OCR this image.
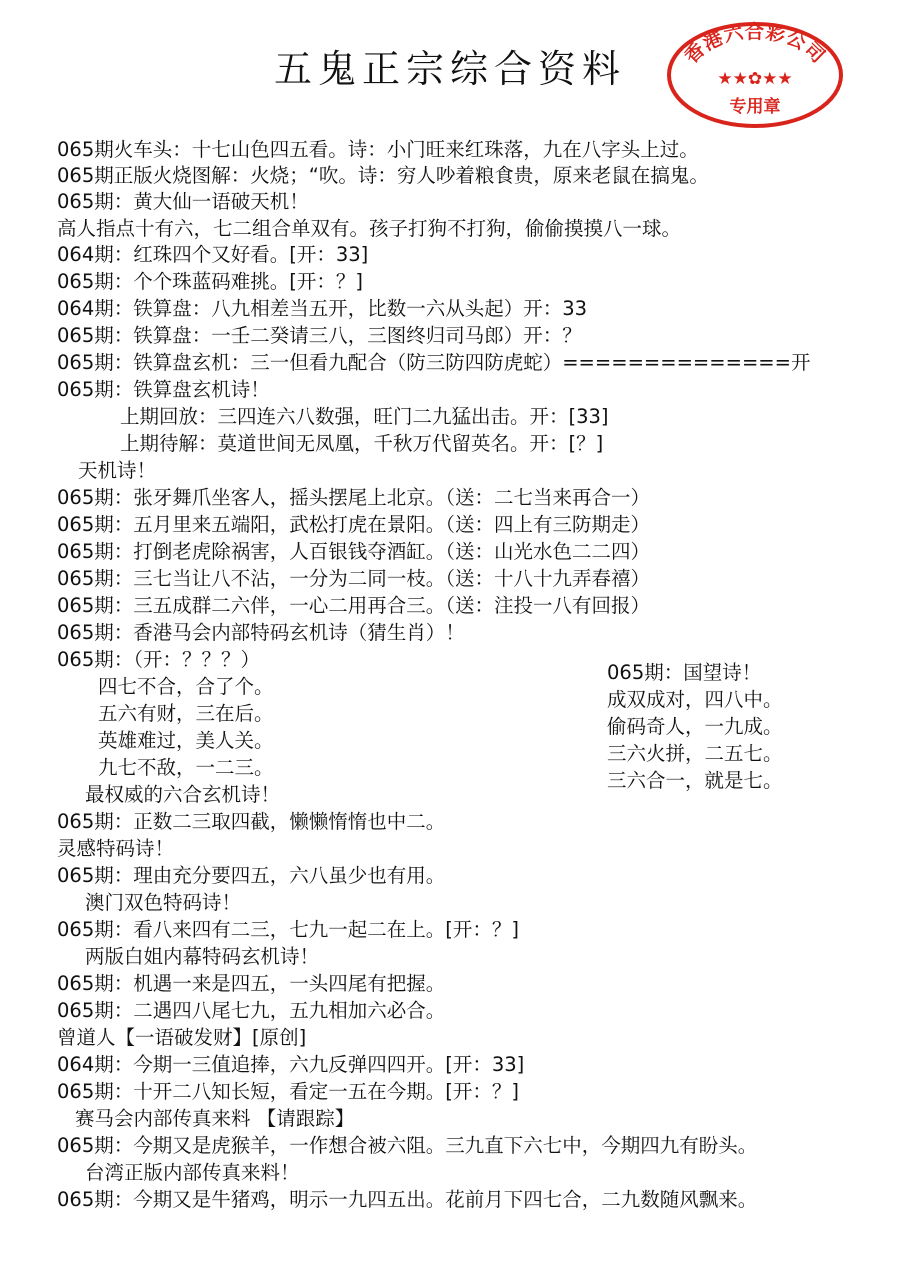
五鬼正宗综合资料	香港六合彩公司
★★✿★★
专用章
065期火车头：十七山色四五看。诗：小门旺来红珠落，九在八字头上过。
065期正版火烧图解：火烧；“吹。诗：穷人吵着粮食贵，原来老鼠在搞鬼。
065期：黄大仙一语破天机！
高人指点十有六，七二组合单双有。孩子打狗不打狗，偷偷摸摸八一球。
064期：红珠四个又好看。[开：33]
065期：个个珠蓝码难挑。[开：？]
064期：铁算盘：八九相差当五开，比数一六从头起）开：33
065期：铁算盘：一壬二癸请三八，三图终归司马郎）开：？
065期：铁算盘玄机：三一但看九配合（防三防四防虎蛇）==============开
065期：铁算盘玄机诗！
上期回放：三四连六八数强，旺门二九猛出击。开：[33]
上期待解：莫道世间无凤凰，千秋万代留英名。开：[？]
天机诗！
065期：张牙舞爪坐客人，摇头摆尾上北京。（送：二七当来再合一）
065期：五月里来五端阳，武松打虎在景阳。（送：四上有三防期走）
065期：打倒老虎除祸害，人百银钱夺酒缸。（送：山光水色二二四）
065期：三七当让八不沾，一分为二同一枝。（送：十八十九弄春禧）
065期：三五成群二六伴，一心二用再合三。（送：注投一八有回报）
065期：香港马会内部特码玄机诗（猜生肖）！
065期：（开：？？？）
四七不合，合了个。
五六有财，三在后。
英雄难过，美人关。
九七不敌，一二三。
最权威的六合玄机诗！
065期：正数二三取四截，懒懒惰惰也中二。
灵感特码诗！
065期：理由充分要四五，六八虽少也有用。
澳门双色特码诗！
065期：看八来四有二三，七九一起二在上。[开：？]
两版白姐内幕特码玄机诗！
065期：机遇一来是四五，一头四尾有把握。
065期：二遇四八尾七九，五九相加六必合。
曾道人【一语破发财】[原创]
064期：今期一三值追捧，六九反弹四四开。[开：33]
065期：十开二八知长短，看定一五在今期。[开：？]
赛马会内部传真来料 【请跟踪】
065期：今期又是虎猴羊，一作想合被六阻。三九直下六七中，今期四九有盼头。
台湾正版内部传真来料！
065期：今期又是牛猪鸡，明示一九四五出。花前月下四七合，二九数随风飘来。
065期：国望诗！
成双成对，四八中。
偷码奇人，一九成。
三六火拼，二五七。
三六合一，就是七。
